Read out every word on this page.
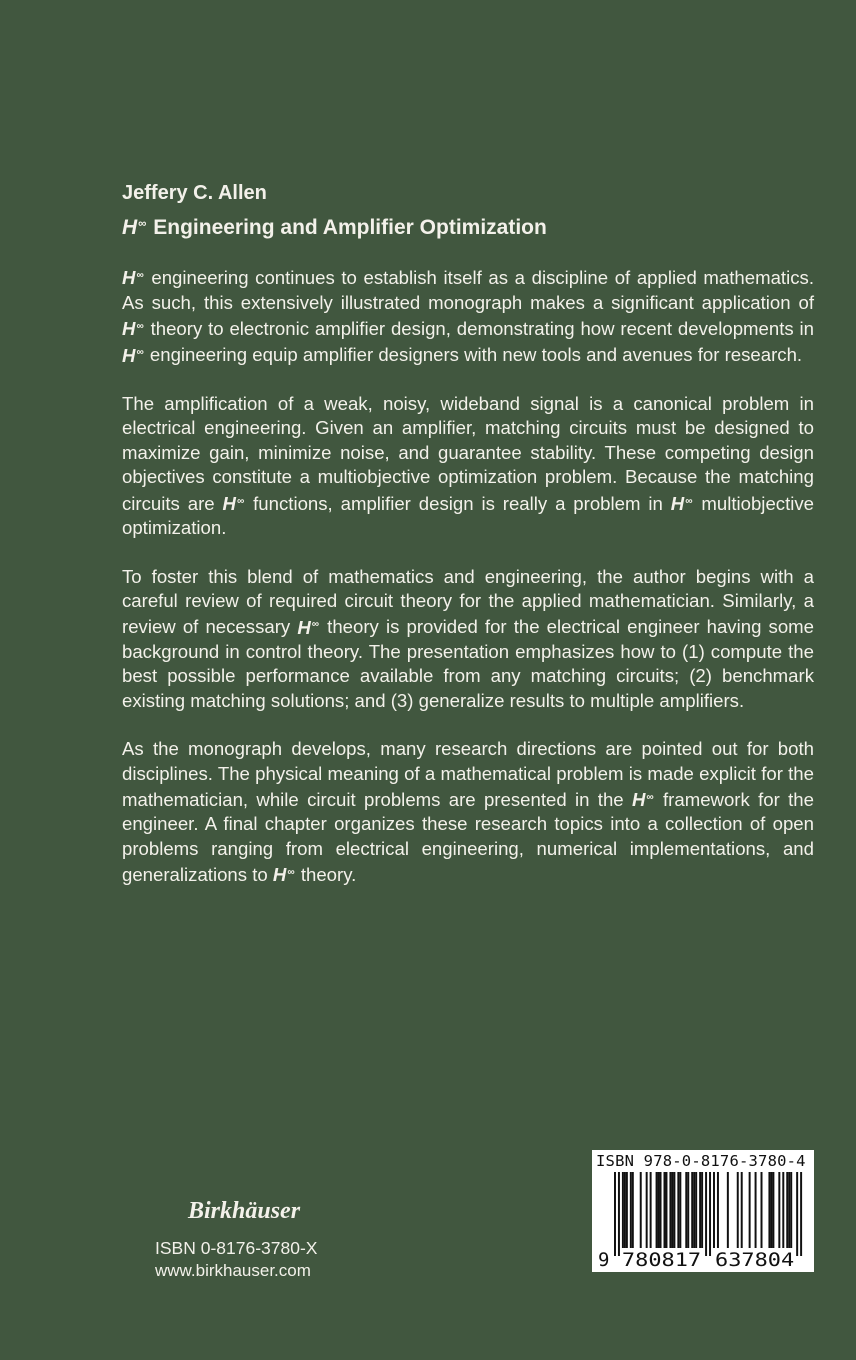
Jeffery C. Allen
H∞ Engineering and Amplifier Optimization

H∞ engineering continues to establish itself as a discipline of applied mathematics. As such, this extensively illustrated monograph makes a significant application of H∞ theory to electronic amplifier design, demonstrating how recent developments in H∞ engineering equip amplifier designers with new tools and avenues for research.

The amplification of a weak, noisy, wideband signal is a canonical problem in electrical engineering. Given an amplifier, matching circuits must be designed to maximize gain, minimize noise, and guarantee stability. These competing design objectives constitute a multiobjective optimization problem. Because the matching circuits are H∞ functions, amplifier design is really a problem in H∞ multiobjective optimization.

To foster this blend of mathematics and engineering, the author begins with a careful review of required circuit theory for the applied mathematician. Similarly, a review of necessary H∞ theory is provided for the electrical engineer having some background in control theory. The presentation emphasizes how to (1) compute the best possible performance available from any matching circuits; (2) benchmark existing matching solutions; and (3) generalize results to multiple amplifiers.

As the monograph develops, many research directions are pointed out for both disciplines. The physical meaning of a mathematical problem is made explicit for the mathematician, while circuit problems are presented in the H∞ framework for the engineer. A final chapter organizes these research topics into a collection of open problems ranging from electrical engineering, numerical implementations, and generalizations to H∞ theory.

Birkhäuser
ISBN 0-8176-3780-X
www.birkhauser.com
ISBN 978-0-8176-3780-4
9 780817 637804
